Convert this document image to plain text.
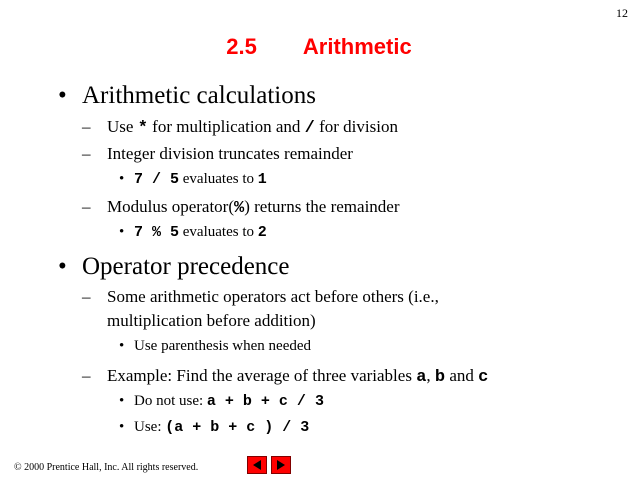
12
2.5 Arithmetic
• Arithmetic calculations
– Use * for multiplication and / for division
– Integer division truncates remainder
• 7 / 5 evaluates to 1
– Modulus operator(%) returns the remainder
• 7 % 5 evaluates to 2
• Operator precedence
– Some arithmetic operators act before others (i.e.,
multiplication before addition)
• Use parenthesis when needed
– Example: Find the average of three variables a, b and c
• Do not use: a + b + c / 3
• Use: (a + b + c ) / 3
© 2000 Prentice Hall, Inc. All rights reserved.
